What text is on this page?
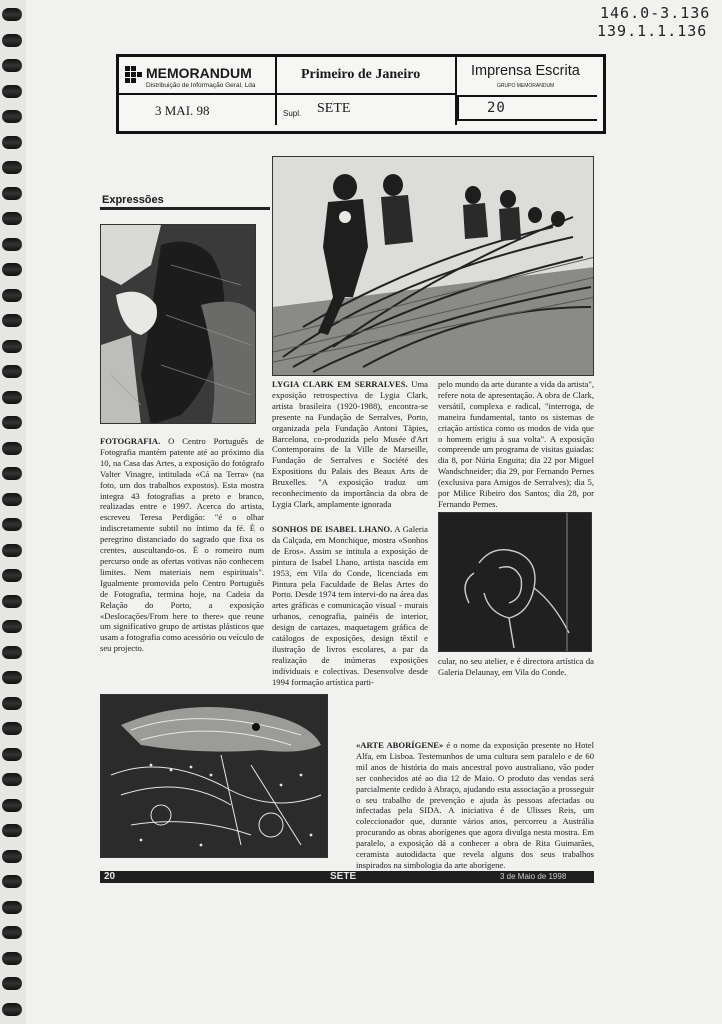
146.0-3.136
139.1.1.136
MEMORANDUM
Distribuição de Informação Geral, Lda
3 MAI. 98
Primeiro de Janeiro
Supl. SETE
Imprensa Escrita
GRUPO MEMORANDUM
20
Expressões
FOTOGRAFIA. O Centro Português de Fotografia mantém patente até ao próximo dia 10, na Casa das Artes, a exposição do fotógrafo Valter Vinagre, intitulada «Cá na Terra» (na foto, um dos trabalhos expostos). Esta mostra integra 43 fotografias a preto e branco, realizadas entre e 1997. Acerca do artista, escreveu Teresa Perdigão: "é o olhar indiscretamente subtil no íntimo da fé. É o peregrino distanciado do sagrado que fixa os crentes, auscultando-os. É o romeiro num percurso onde as ofertas votivas não conhecem limites. Nem materiais nem espirituais". Igualmente promovida pelo Centro Português de Fotografia, termina hoje, na Cadeia da Relação do Porto, a exposição «Deslocações/From here to there» que reune um significativo grupo de artistas plásticos que usam a fotografia como acessório ou veículo de seu projecto.
LYGIA CLARK EM SERRALVES. Uma exposição retrospectiva de Lygia Clark, artista brasileira (1920-1988), encontra-se presente na Fundação de Serralves, Porto, organizada pela Fundação Antoni Tàpies, Barcelona, co-produzida pelo Musée d'Art Contemporains de la Ville de Marseille, Fundação de Serralves e Société des Expositions du Palais des Beaux Arts de Bruxelles. "A exposição traduz um reconhecimento da importância da obra de Lygia Clark, amplamente ignorada
pelo mundo da arte durante a vida da artista", refere nota de apresentação. A obra de Clark, versátil, complexa e radical, "interroga, de maneira fundamental, tanto os sistemas de criação artística como os modos de vida que o homem erigiu à sua volta". A exposição compreende um programa de visitas guiadas: dia 8, por Núria Enguita; dia 22 por Miguel Wandschneider; dia 29, por Fernando Pernes (exclusiva para Amigos de Serralves); dia 5, por Milice Ribeiro dos Santos; dia 28, por Fernando Pernes.
SONHOS DE ISABEL LHANO. A Galeria da Calçada, em Monchique, mostra «Sonhos de Eros». Assim se intitula a exposição de pintura de Isabel Lhano, artista nascida em 1953, em Vila do Conde, licenciada em Pintura pela Faculdade de Belas Artes do Porto. Desde 1974 tem intervi-do na área das artes gráficas e comunicação visual - murais urbanos, cenografia, painéis de interior, design de cartazes, maquetagem gráfica de catálogos de exposições, design têxtil e ilustração de livros escolares, a par da realização de inúmeras exposições individuais e colectivas. Desenvolve desde 1994 formação artística parti-
cular, no seu atelier, e é directora artística da Galeria Delaunay, em Vila do Conde.
«ARTE ABORÍGENE» é o nome da exposição presente no Hotel Alfa, em Lisboa. Testemunhos de uma cultura sem paralelo e de 60 mil anos de história do mais ancestral povo australiano, vão poder ser conhecidos até ao dia 12 de Maio. O produto das vendas será parcialmente cedido à Abraço, ajudando esta associação a prosseguir o seu trabalho de prevenção e ajuda às pessoas afectadas ou infectadas pela SIDA. A iniciativa é de Ulisses Reis, um coleccionador que, durante vários anos, percorreu a Austrália procurando as obras aborígenes que agora divulga nesta mostra. Em paralelo, a exposição dá a conhecer a obra de Rita Guimarães, ceramista autodidacta que revela alguns dos seus trabalhos inspirados na simbologia da arte aborígene.
20	SETE	3 de Maio de 1998
